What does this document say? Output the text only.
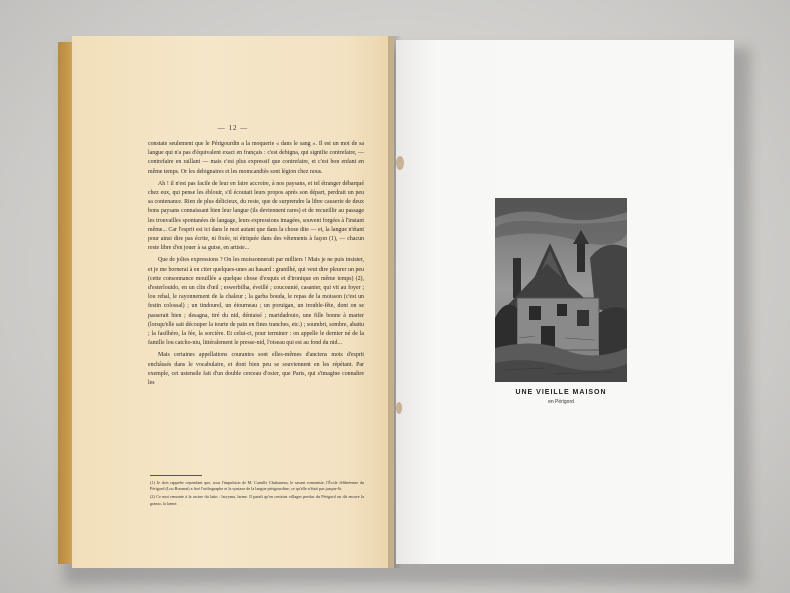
— 12 —

constate seulement que le Périgourdin a la moquerie « dans le sang ». Il est un mot de sa langue qui n'a pas d'équivalent exact en français : c'est debigna, qui signifie contrefaire, — contrefaire en raillant — mais c'est plus expressif que contrefaire, et c'est bon enfant en même temps. Or les debignaires et les momcandiès sont légion chez nous.

Ah ! il n'est pas facile de leur en faire accroire, à nos paysans, et tel étranger débarqué chez eux, qui pense les éblouir, s'il écoutait leurs propos après son départ, perdrait un peu sa contenance. Rien de plus délicieux, du reste, que de surprendre la libre causerie de deux bons paysans connaissant bien leur langue (ils deviennent rares) et de recueillir au passage les trouvailles spontanées de langage, leurs expressions imagées, souvent forgées à l'instant même... Car l'esprit est ici dans le mot autant que dans la chose dite — et, la langue n'étant pour ainsi dire pas écrite, ni fixée, ni étriquée dans des vêtements à façon (1), — chacun reste libre d'en jouer à sa guise, en artiste...

Que de jolies expressions ? On les moissonnerait par milliers ! Mais je ne puis insister, et je me bornerai à en citer quelques-unes au hasard : granilhé, qui veut dire pleurer un peu (cette consonnance mouillée a quelque chose d'exquis et d'ironique en même temps) (2), d'esterlouido, en un clin d'œil ; eswerbilha, éveillé ; coucounié, casanier, qui vit au foyer ; lou rehal, le rayonnement de la chaleur ; la garba bouda, le repas de la moisson (c'est un festin colossal) ; un tindourel, un étourneau ; un poruigan, un trouble-fête, dont on se passerait bien ; desagna, tiré du nid, déniaisé ; maridadouio, une fille bonne à marier (lorsqu'elle sait découper la tourte de pain en fines tranches, etc.) ; soumbri, sombre, abattu ; la fasilhèro, la fée, la sorcière. Et celui-ci, pour terminer : on appelle le dernier né de la famille lou catcho-niu, littéralement le presse-nid, l'oiseau qui est au fond du nid...

Mais certaines appellations courantes sont elles-mêmes d'anciens mots d'esprit enchâssés dans le vocabulaire, et dont bien peu se souviennent en les répétant. Par exemple, cet ustensile fait d'un double cerceau d'osier, que Paris, qui s'imagine connaître les

(1) Je dois rappeler cependant que, sous l'impulsion de M. Camille Chabaneau, le savant romaniste, l'École félibréenne du Périgord (Lou Bournat) a fixé l'orthographe et la syntaxe de la langue périgourdine, ce qu'elle n'était pas jusque-là.

(2) Ce mot remonte à la racine du latin : lacryma, larme. Il paraît qu'en certains villages perdus du Périgord on dit encore la gramo, la larme.

UNE VIEILLE MAISON
en Périgord
